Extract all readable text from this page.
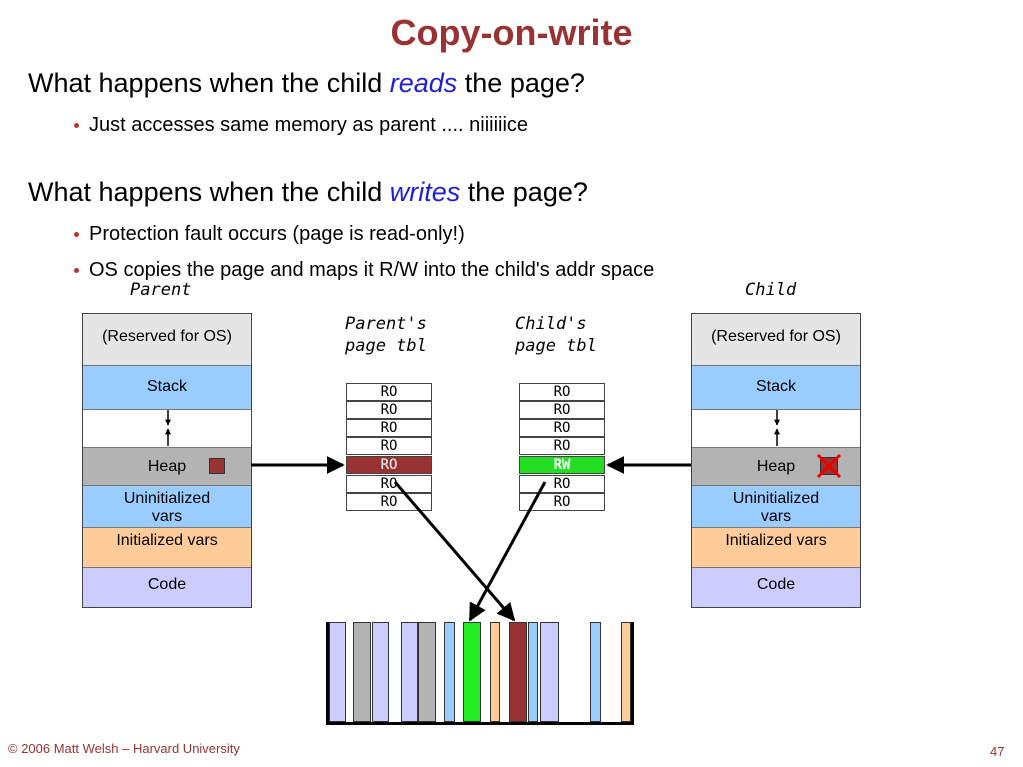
Copy-on-write
What happens when the child reads the page?
Just accesses same memory as parent .... niiiiiice
What happens when the child writes the page?
Protection fault occurs (page is read-only!)
OS copies the page and maps it R/W into the child's addr space
Parent	Child
Parent's
page tbl
Child's
page tbl
(Reserved for OS)
Stack
Heap
Uninitialized vars
Initialized vars
Code
(Reserved for OS)
Stack
Heap
Uninitialized vars
Initialized vars
Code
RO
RO
RO
RO
RO
RO
RO
RO
RO
RO
RO
RW
RO
RO
© 2006 Matt Welsh – Harvard University	47
